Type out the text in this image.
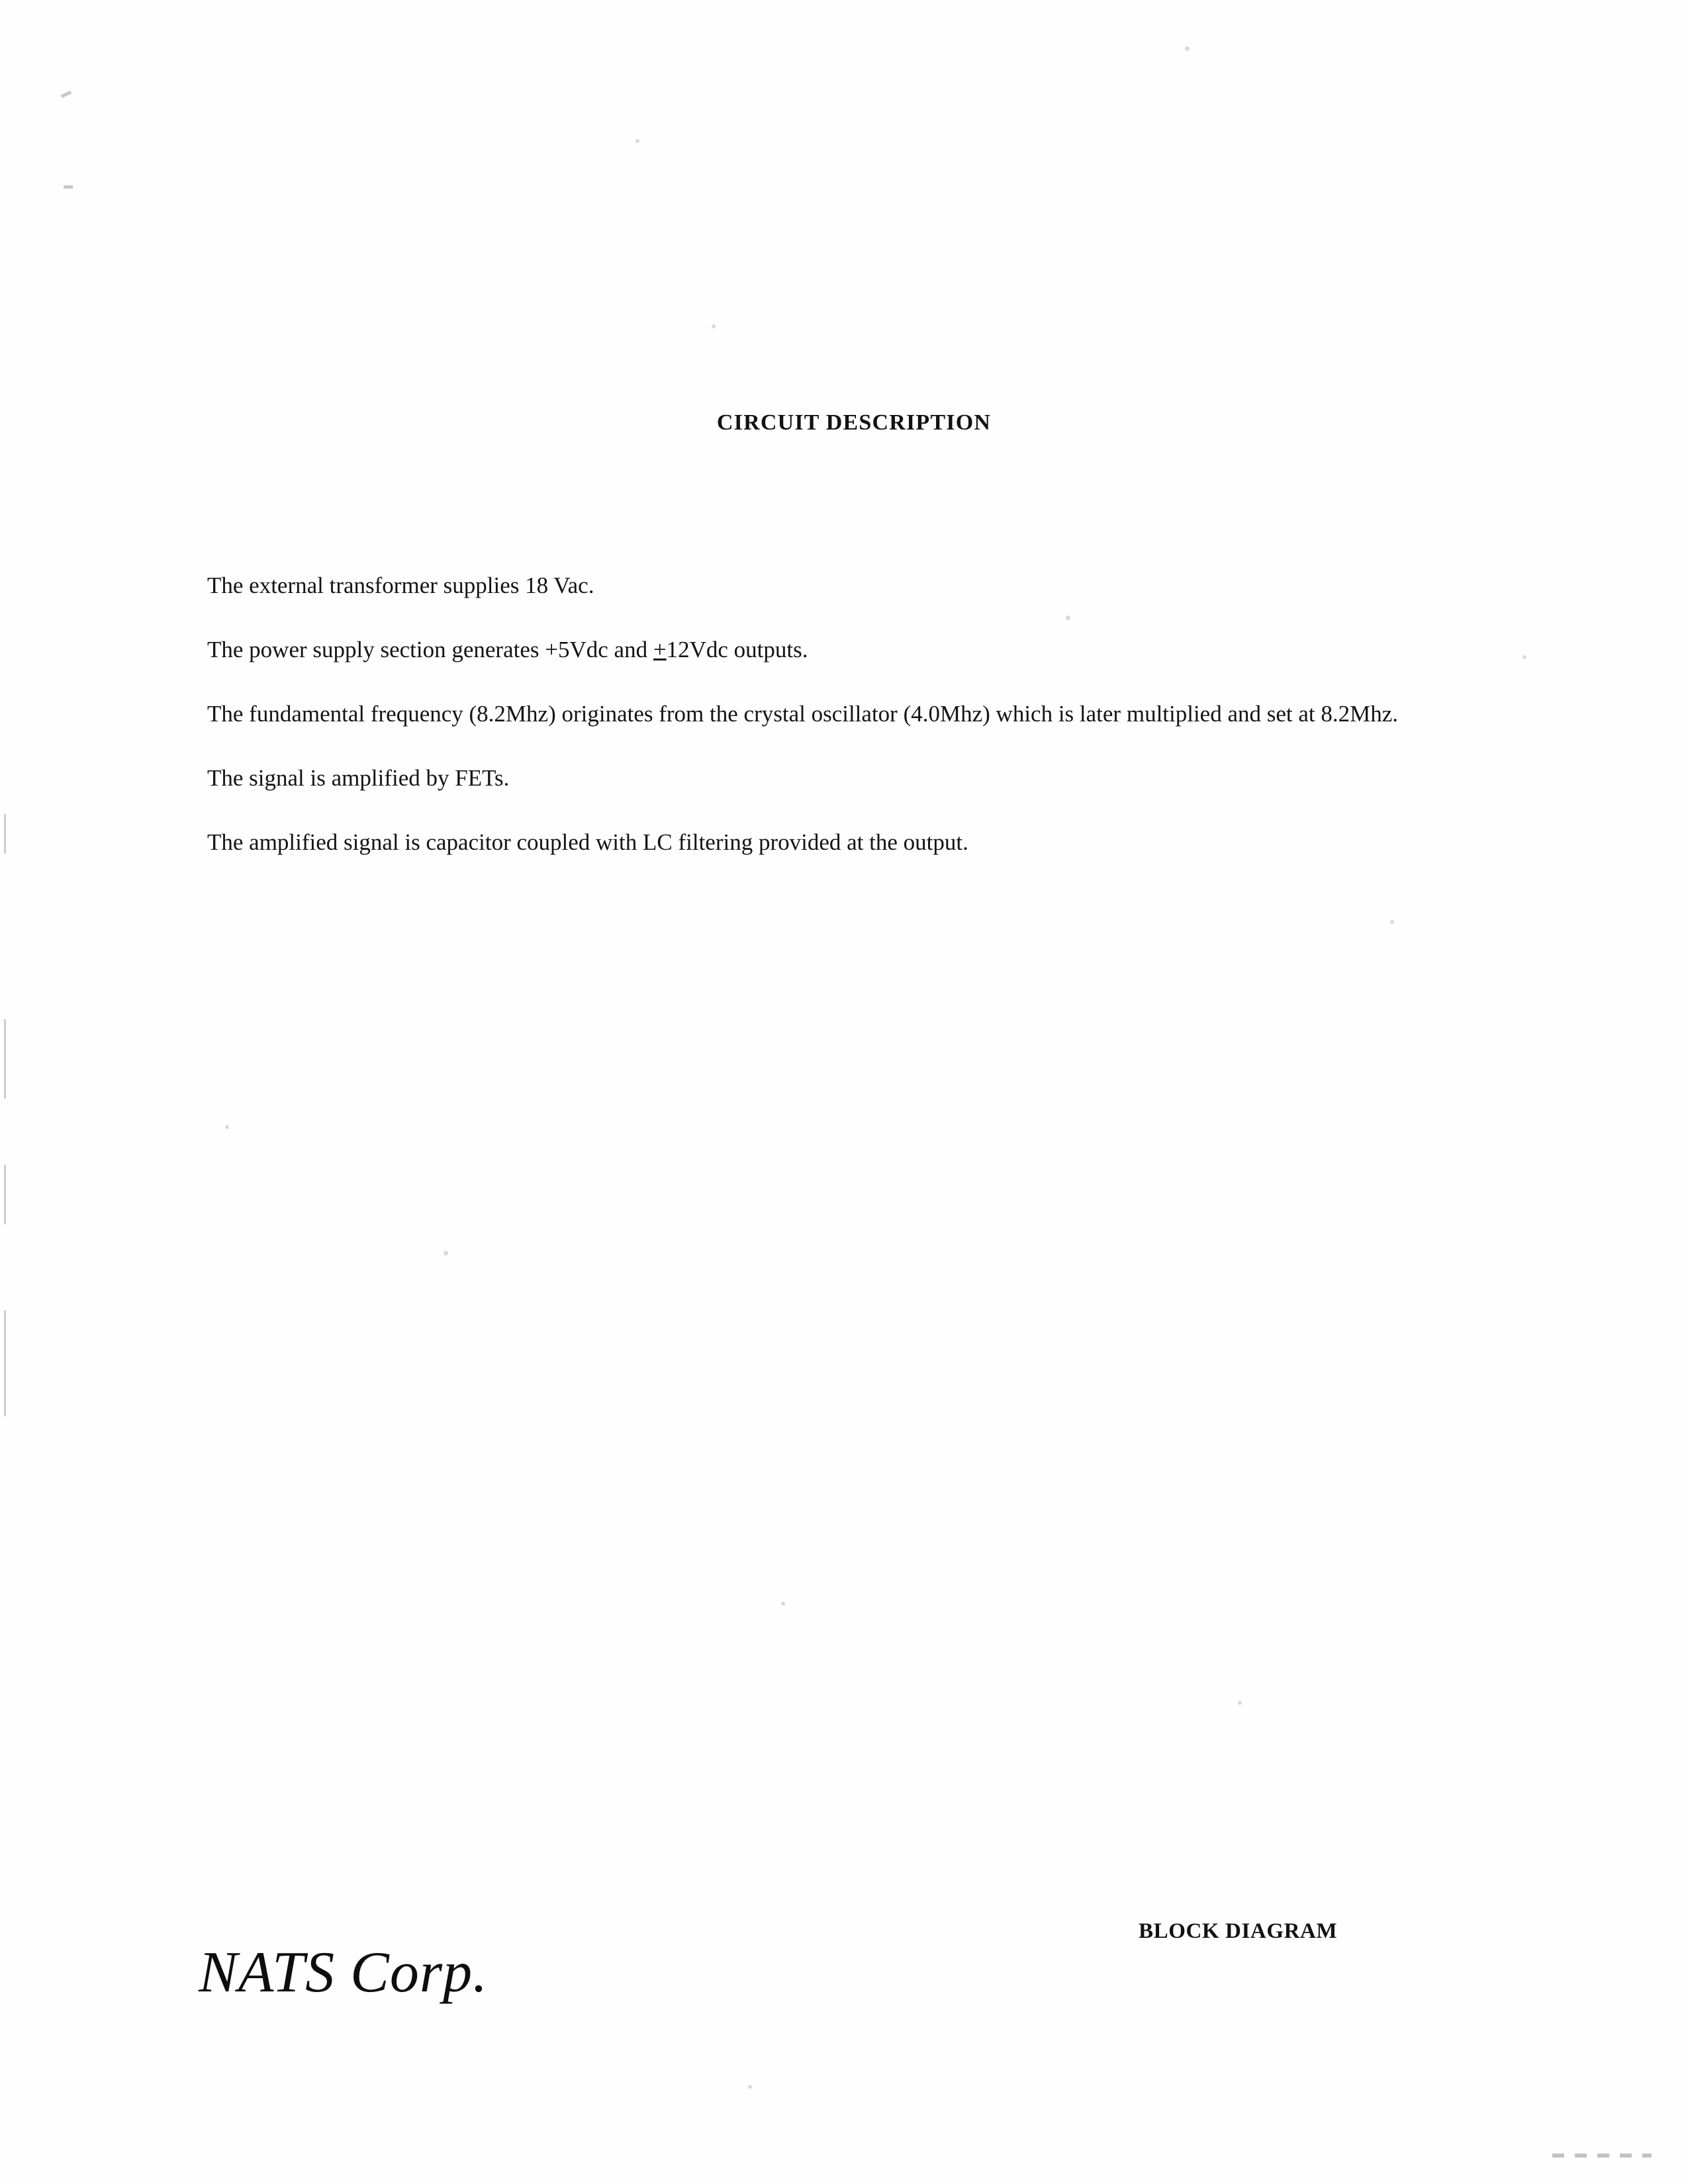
CIRCUIT DESCRIPTION

The external transformer supplies 18 Vac.

The power supply section generates +5Vdc and +12Vdc outputs.

The fundamental frequency (8.2Mhz) originates from the crystal oscillator (4.0Mhz) which is later multiplied and set at 8.2Mhz.

The signal is amplified by FETs.

The amplified signal is capacitor coupled with LC filtering provided at the output.

NATS Corp.
BLOCK DIAGRAM
